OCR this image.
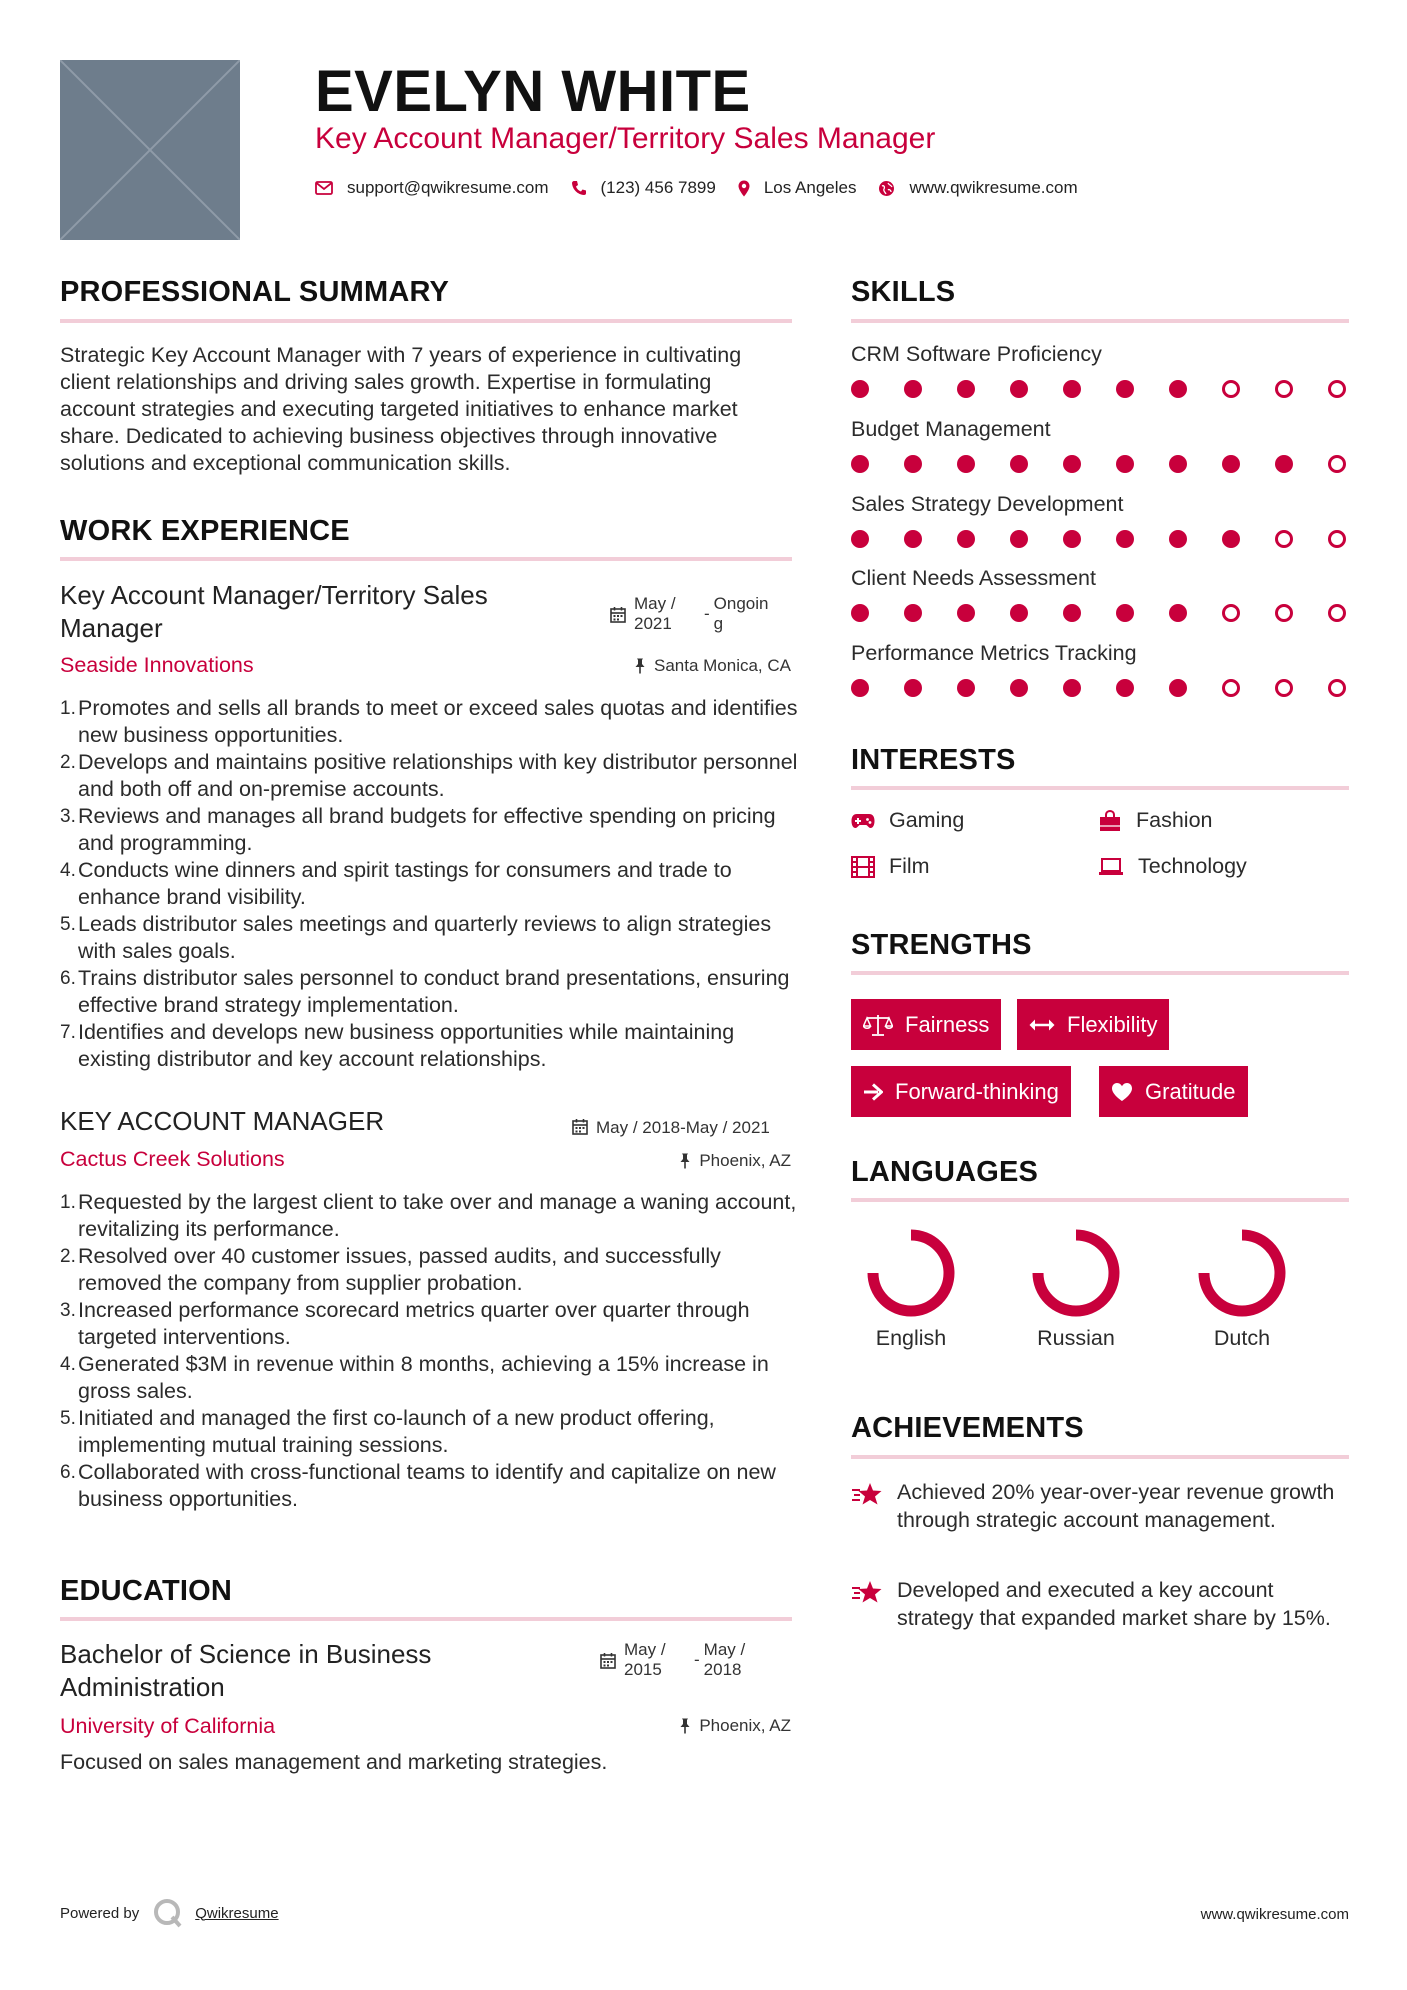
EVELYN WHITE
Key Account Manager/Territory Sales Manager
support@qwikresume.com	(123) 456 7899	Los Angeles	www.qwikresume.com
PROFESSIONAL SUMMARY
Strategic Key Account Manager with 7 years of experience in cultivating client relationships and driving sales growth. Expertise in formulating account strategies and executing targeted initiatives to enhance market share. Dedicated to achieving business objectives through innovative solutions and exceptional communication skills.
WORK EXPERIENCE
Key Account Manager/Territory Sales Manager
May / 2021
-
Ongoing
Seaside Innovations	Santa Monica, CA
Promotes and sells all brands to meet or exceed sales quotas and identifies new business opportunities.
Develops and maintains positive relationships with key distributor personnel and both off and on-premise accounts.
Reviews and manages all brand budgets for effective spending on pricing and programming.
Conducts wine dinners and spirit tastings for consumers and trade to enhance brand visibility.
Leads distributor sales meetings and quarterly reviews to align strategies with sales goals.
Trains distributor sales personnel to conduct brand presentations, ensuring effective brand strategy implementation.
Identifies and develops new business opportunities while maintaining existing distributor and key account relationships.
KEY ACCOUNT MANAGER	May / 2018-May / 2021
Cactus Creek Solutions	Phoenix, AZ
Requested by the largest client to take over and manage a waning account, revitalizing its performance.
Resolved over 40 customer issues, passed audits, and successfully removed the company from supplier probation.
Increased performance scorecard metrics quarter over quarter through targeted interventions.
Generated $3M in revenue within 8 months, achieving a 15% increase in gross sales.
Initiated and managed the first co-launch of a new product offering, implementing mutual training sessions.
Collaborated with cross-functional teams to identify and capitalize on new business opportunities.
EDUCATION
Bachelor of Science in Business Administration
May / 2015
-
May / 2018
University of California	Phoenix, AZ
Focused on sales management and marketing strategies.
SKILLS
CRM Software Proficiency
Budget Management
Sales Strategy Development
Client Needs Assessment
Performance Metrics Tracking
INTERESTS
Gaming	Fashion
Film	Technology
STRENGTHS
Fairness	Flexibility
Forward-thinking	Gratitude
LANGUAGES
English	Russian	Dutch
ACHIEVEMENTS
Achieved 20% year-over-year revenue growth through strategic account management.
Developed and executed a key account strategy that expanded market share by 15%.
Powered by	Qwikresume	www.qwikresume.com
